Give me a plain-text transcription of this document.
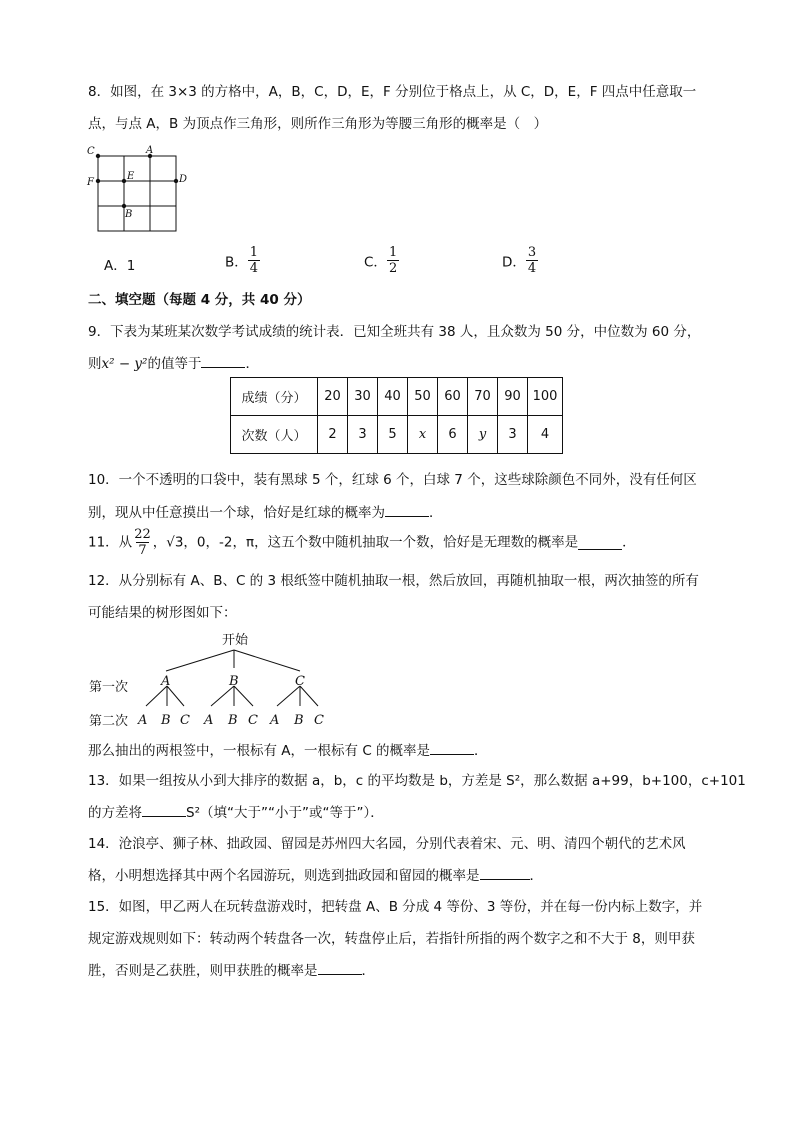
8．如图，在 3×3 的方格中，A，B，C，D，E，F 分别位于格点上，从 C，D，E，F 四点中任意取一
点，与点 A，B 为顶点作三角形，则所作三角形为等腰三角形的概率是（　）
C	A
F
E	D
B
A．1	B． $\frac{1}{4}$	C． $\frac{1}{2}$	D． $\frac{3}{4}$
二、填空题（每题 4 分，共 40 分）
9．下表为某班某次数学考试成绩的统计表．已知全班共有 38 人，且众数为 50 分，中位数为 60 分，
则x² − y²的值等于	．
成绩（分）	20	30	40	50	60	70	90	100
次数（人）	2	3	5	x	6	y	3	4
10．一个不透明的口袋中，装有黑球 5 个，红球 6 个，白球 7 个，这些球除颜色不同外，没有任何区
别，现从中任意摸出一个球，恰好是红球的概率为	．
11．从 $\frac{22}{7}$ ，√3，0，-2，π，这五个数中随机抽取一个数，恰好是无理数的概率是	．
12．从分别标有 A、B、C 的 3 根纸签中随机抽取一根，然后放回，再随机抽取一根，两次抽签的所有
可能结果的树形图如下：
开始
第一次
第二次
A	B	C
A B C A B C A B C
那么抽出的两根签中，一根标有 A，一根标有 C 的概率是	．
13．如果一组按从小到大排序的数据 a，b，c 的平均数是 b，方差是 S²，那么数据 a+99，b+100，c+101
的方差将	S²（填“大于”“小于”或“等于”）．
14．沧浪亭、狮子林、拙政园、留园是苏州四大名园，分别代表着宋、元、明、清四个朝代的艺术风
格，小明想选择其中两个名园游玩，则选到拙政园和留园的概率是	．
15．如图，甲乙两人在玩转盘游戏时，把转盘 A、B 分成 4 等份、3 等份，并在每一份内标上数字，并
规定游戏规则如下：转动两个转盘各一次，转盘停止后，若指针所指的两个数字之和不大于 8，则甲获
胜，否则是乙获胜，则甲获胜的概率是	．
